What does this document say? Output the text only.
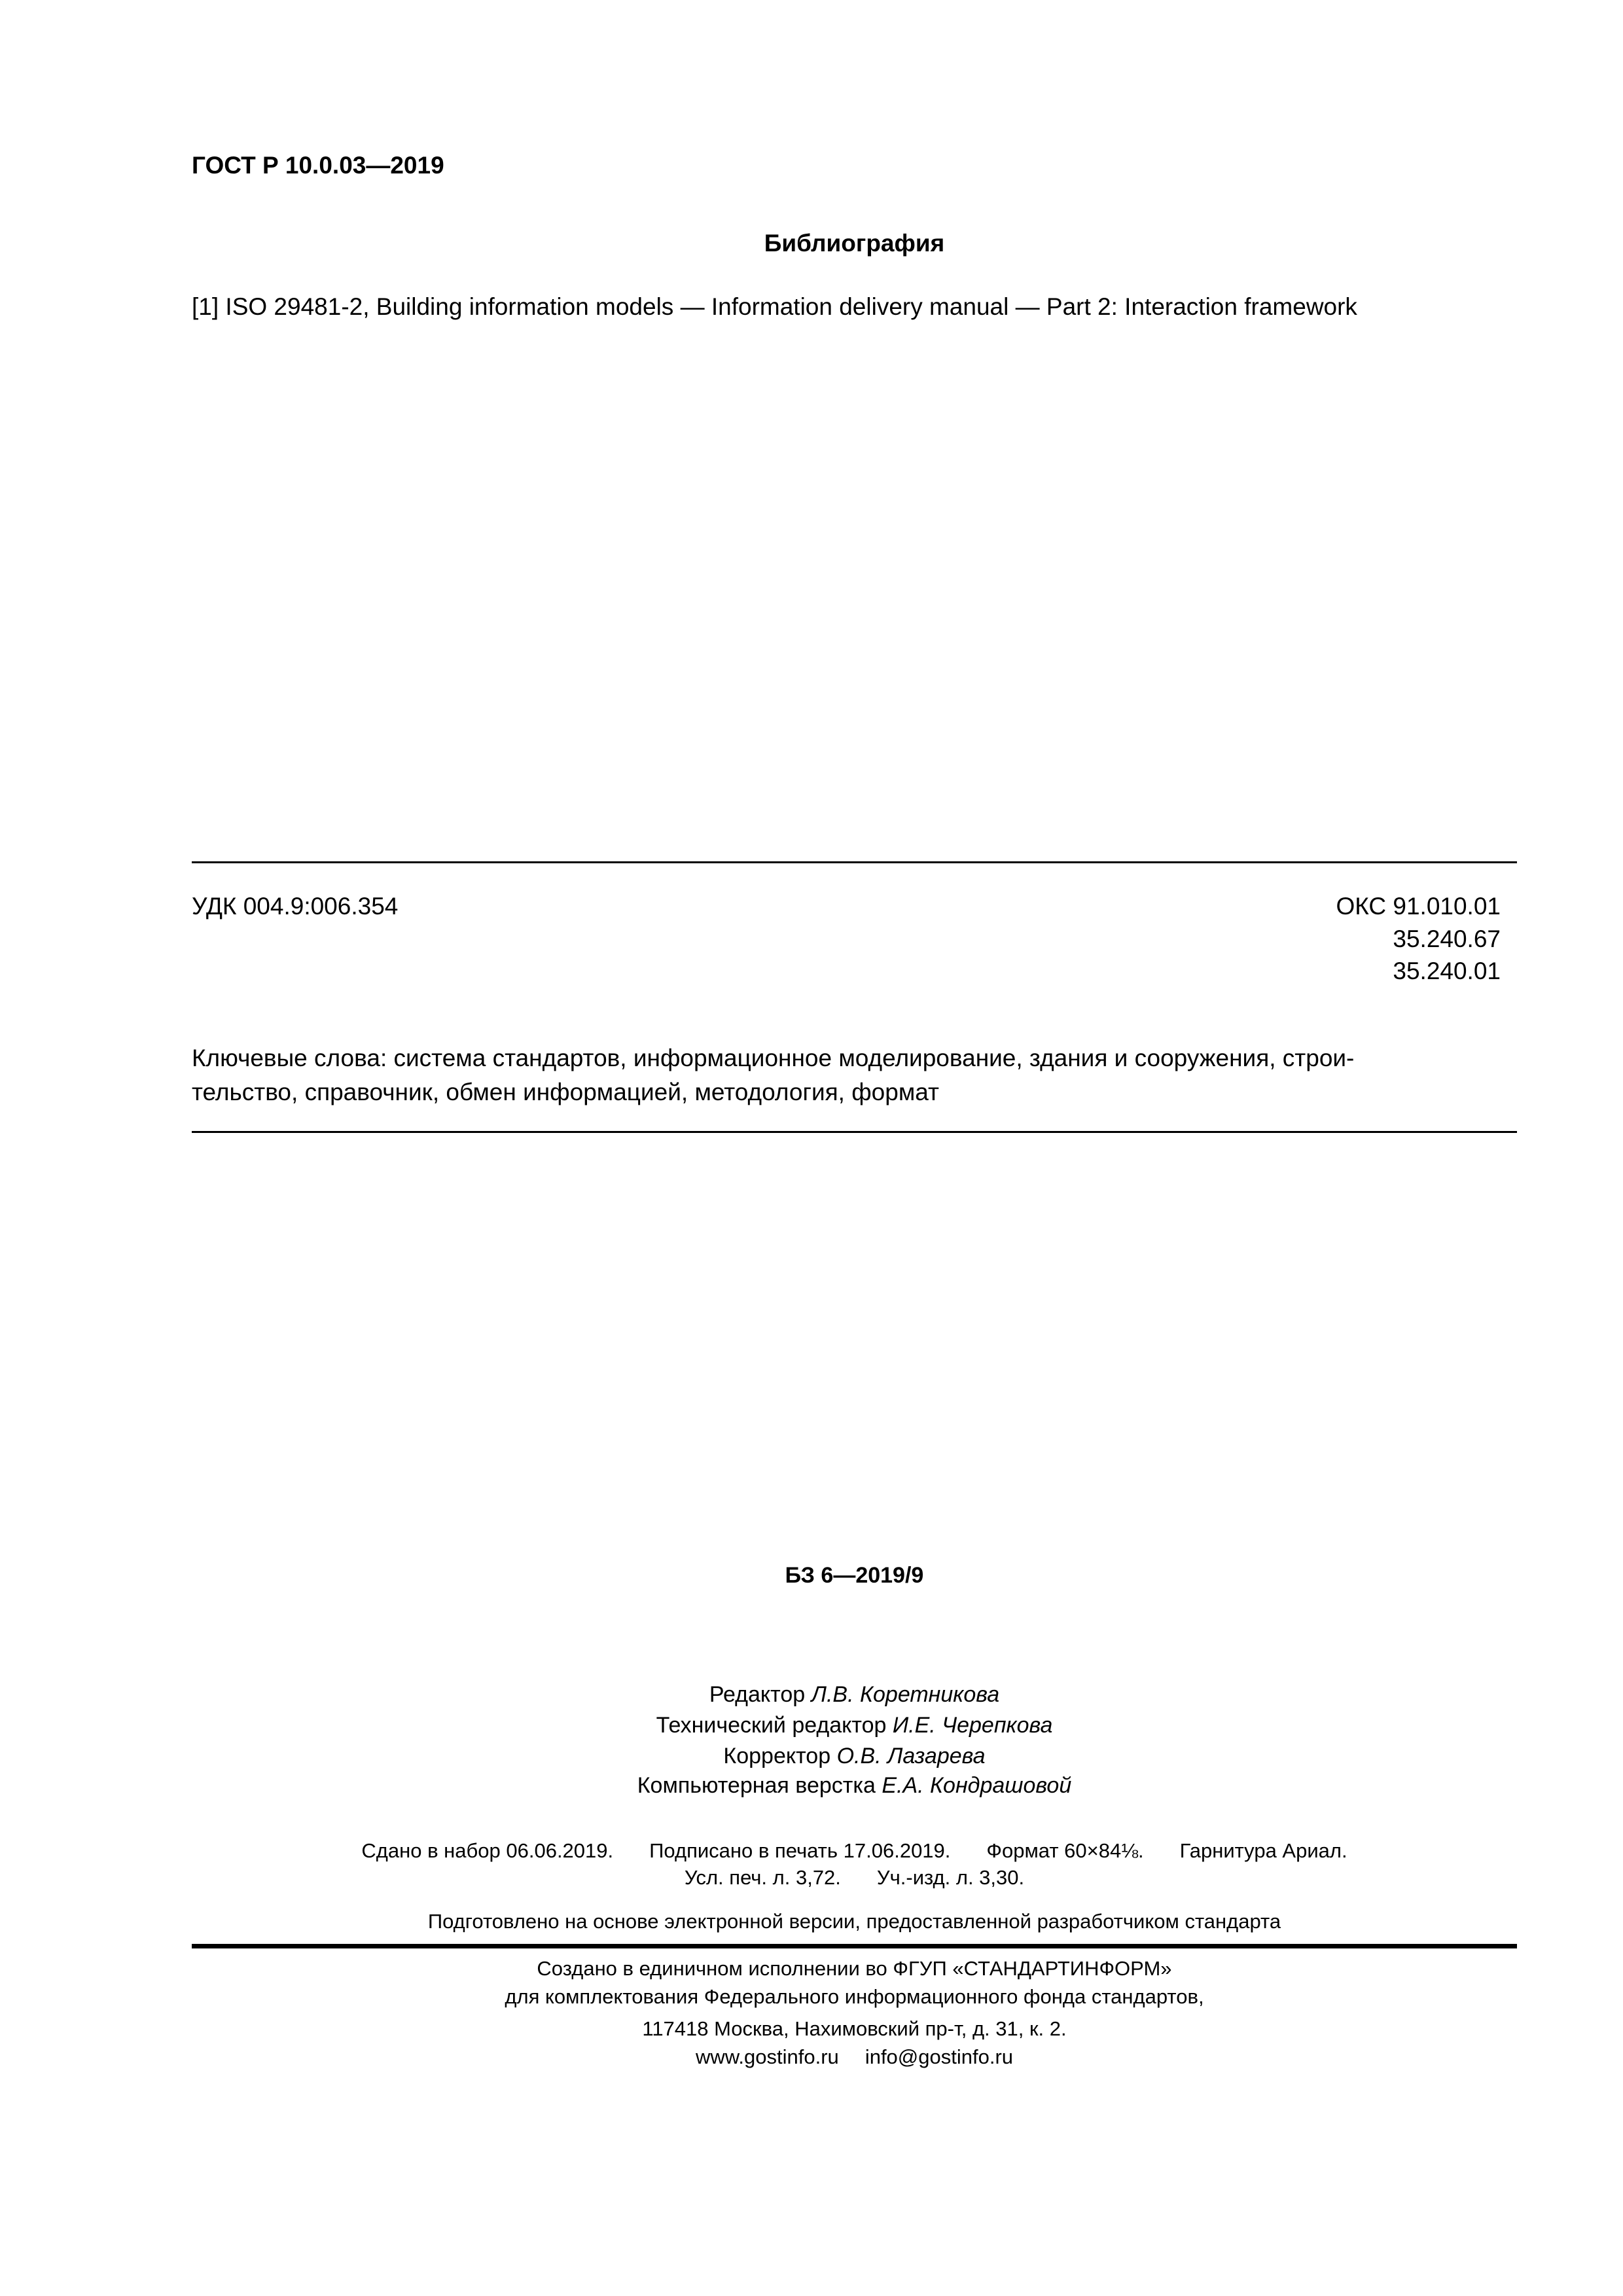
ГОСТ Р 10.0.03—2019
Библиография
[1] ISO 29481-2, Building information models — Information delivery manual — Part 2: Interaction framework
УДК 004.9:006.354	ОКС 91.010.01
35.240.67
35.240.01
Ключевые слова: система стандартов, информационное моделирование, здания и сооружения, строи-
тельство, справочник, обмен информацией, методология, формат
БЗ 6—2019/9
Редактор Л.В. Коретникова
Технический редактор И.Е. Черепкова
Корректор О.В. Лазарева
Компьютерная верстка Е.А. Кондрашовой
Сдано в набор 06.06.2019. Подписано в печать 17.06.2019. Формат 60×84⅛. Гарнитура Ариал.
Усл. печ. л. 3,72. Уч.-изд. л. 3,30.
Подготовлено на основе электронной версии, предоставленной разработчиком стандарта
Создано в единичном исполнении во ФГУП «СТАНДАРТИНФОРМ»
для комплектования Федерального информационного фонда стандартов,
117418 Москва, Нахимовский пр-т, д. 31, к. 2.
www.gostinfo.ru info@gostinfo.ru
